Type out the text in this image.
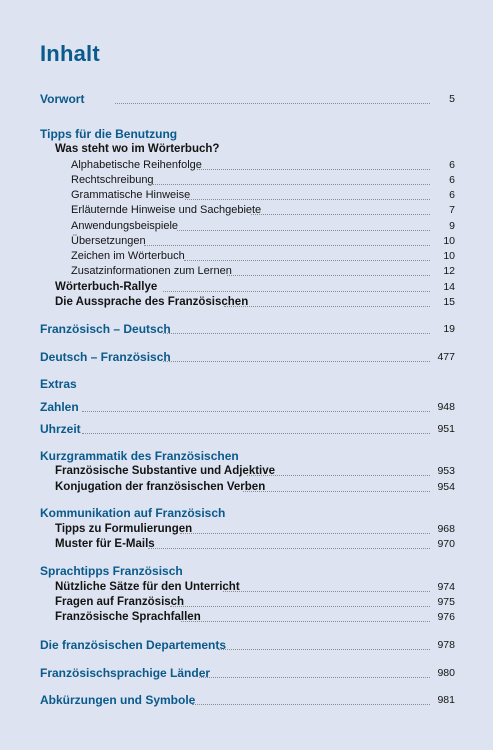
Inhalt
Vorwort	5
Tipps für die Benutzung
Was steht wo im Wörterbuch?
Alphabetische Reihenfolge	6
Rechtschreibung	6
Grammatische Hinweise	6
Erläuternde Hinweise und Sachgebiete	7
Anwendungsbeispiele	9
Übersetzungen	10
Zeichen im Wörterbuch	10
Zusatzinformationen zum Lernen	12
Wörterbuch-Rallye	14
Die Aussprache des Französischen	15
Französisch – Deutsch	19
Deutsch – Französisch	477
Extras
Zahlen	948
Uhrzeit	951
Kurzgrammatik des Französischen
Französische Substantive und Adjektive	953
Konjugation der französischen Verben	954
Kommunikation auf Französisch
Tipps zu Formulierungen	968
Muster für E-Mails	970
Sprachtipps Französisch
Nützliche Sätze für den Unterricht	974
Fragen auf Französisch	975
Französische Sprachfallen	976
Die französischen Departements	978
Französischsprachige Länder	980
Abkürzungen und Symbole	981
